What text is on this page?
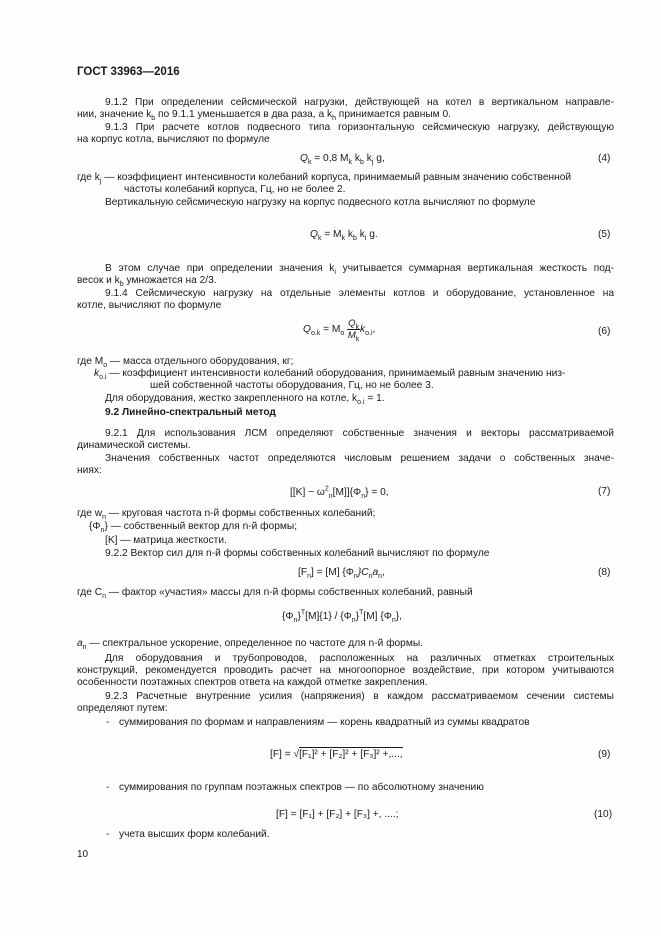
ГОСТ 33963—2016
9.1.2 При определении сейсмической нагрузки, действующей на котел в вертикальном направле-
нии, значение $k_b$ по 9.1.1 уменьшается в два раза, а $k_h$ принимается равным 0.
9.1.3 При расчете котлов подвесного типа горизонтальную сейсмическую нагрузку, действующую
на корпус котла, вычисляют по формуле
$Q_k = 0,8$ $M_k$ $k_b$ $k_j$ g,	(4)
где $k_j$ — коэффициент интенсивности колебаний корпуса, принимаемый равным значению собственной
частоты колебаний корпуса, Гц, но не более 2.
Вертикальную сейсмическую нагрузку на корпус подвесного котла вычисляют по формуле
$Q_k = M_k$ $k_b$ $k_i$ g.	(5)
В этом случае при определении значения $k_i$ учитывается суммарная вертикальная жесткость под-
весок и $k_b$ умножается на 2/3.
9.1.4 Сейсмическую нагрузку на отдельные элементы котлов и оборудование, установленное на
котле, вычисляют по формуле
$Q_{o.k} = M_o \frac{Q_k}{M_k} k_{o.i}$,	(6)
где $M_o$ — масса отдельного оборудования, кг;
$k_{o.i}$ — коэффициент интенсивности колебаний оборудования, принимаемый равным значению низ-
шей собственной частоты оборудования, Гц, но не более 3.
Для оборудования, жестко закрепленного на котле, $k_{o.i} = 1$.
9.2 Линейно-спектральный метод
9.2.1 Для использования ЛСМ определяют собственные значения и векторы рассматриваемой
динамической системы.
Значения собственных частот определяются числовым решением задачи о собственных значе-
ниях:
$[[K] - \omega^2_n[M]]\{\Phi_n\} = 0$,	(7)
где $w_n$ — круговая частота n-й формы собственных колебаний;
$\{\Phi_n\}$ — собственный вектор для n-й формы;
[K] — матрица жесткости.
9.2.2 Вектор сил для n-й формы собственных колебаний вычисляют по формуле
$[F_n] = [M]$ $\{\Phi_n\}C_na_n$,	(8)
где $C_n$ — фактор «участия» массы для n-й формы собственных колебаний, равный
$\{\Phi_n\}^T[M]\{1\} / \{\Phi_n\}^T[M]$ $\{\Phi_n\}$,
$a_n$ — спектральное ускорение, определенное по частоте для n-й формы.
Для оборудования и трубопроводов, расположенных на различных отметках строительных
конструкций, рекомендуется проводить расчет на многоопорное воздействие, при котором учитываются
особенности поэтажных спектров ответа на каждой отметке закрепления.
9.2.3 Расчетные внутренние усилия (напряжения) в каждом рассматриваемом сечении системы
определяют путем:
- суммирования по формам и направлениям — корень квадратный из суммы квадратов
[F] = √[F₁]² + [F₂]² + [F₃]² +,...,	(9)
- суммирования по группам поэтажных спектров — по абсолютному значению
[F] = [F₁] + [F₂] + [F₃] +, ....;	(10)
- учета высших форм колебаний.
10
